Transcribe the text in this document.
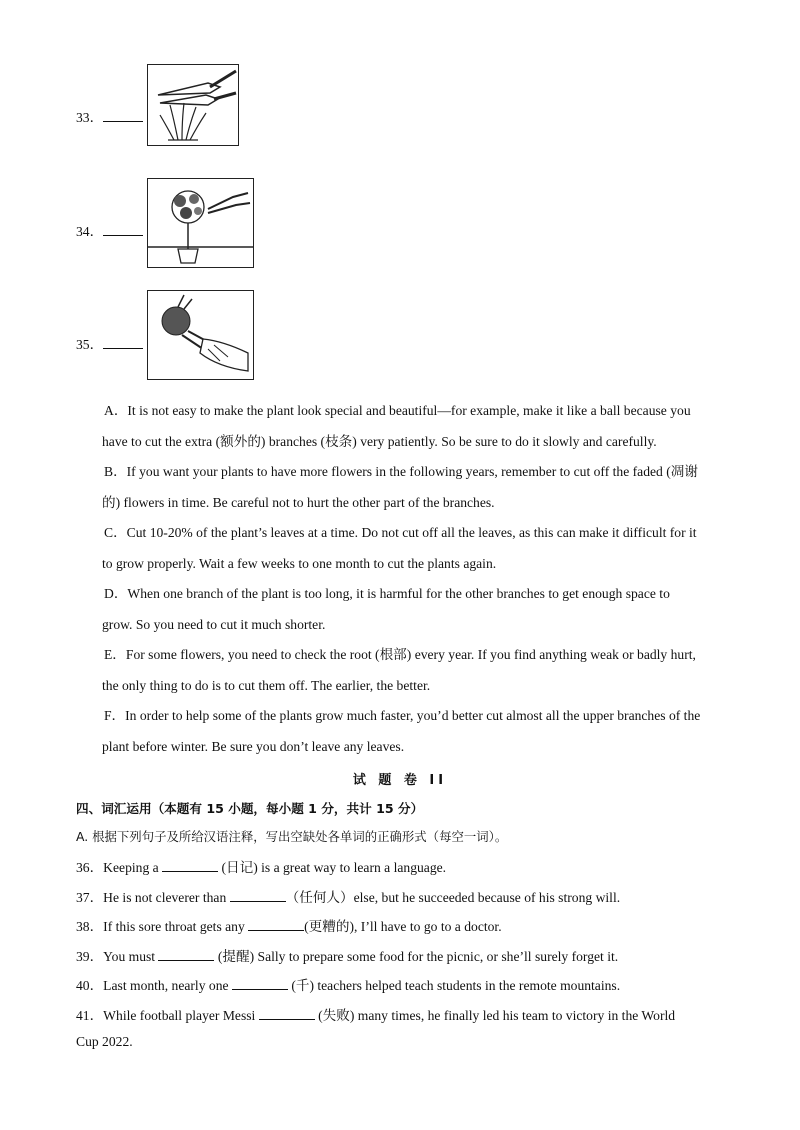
33．
34．
35．

A．It is not easy to make the plant look special and beautiful—for example, make it like a ball because you

have to cut the extra (额外的) branches (枝条) very patiently. So be sure to do it slowly and carefully.

B．If you want your plants to have more flowers in the following years, remember to cut off the faded (凋谢

的) flowers in time. Be careful not to hurt the other part of the branches.

C．Cut 10-20% of the plant’s leaves at a time. Do not cut off all the leaves, as this can make it difficult for it

to grow properly. Wait a few weeks to one month to cut the plants again.

D．When one branch of the plant is too long, it is harmful for the other branches to get enough space to

grow. So you need to cut it much shorter.

E．For some flowers, you need to check the root (根部) every year. If you find anything weak or badly hurt,

the only thing to do is to cut them off. The earlier, the better.

F．In order to help some of the plants grow much faster, you’d better cut almost all the upper branches of the

plant before winter. Be sure you don’t leave any leaves.

试 题 卷 II
四、词汇运用（本题有 15 小题，每小题 1 分，共计 15 分）
A. 根据下列句子及所给汉语注释，写出空缺处各单词的正确形式（每空一词）。
36．Keeping a	(日记) is a great way to learn a language.
37．He is not cleverer than	（任何人）else, but he succeeded because of his strong will.
38．If this sore throat gets any	(更糟的), I’ll have to go to a doctor.
39．You must	(提醒) Sally to prepare some food for the picnic, or she’ll surely forget it.
40．Last month, nearly one	(千) teachers helped teach students in the remote mountains.
41．While football player Messi	(失败) many times, he finally led his team to victory in the World
Cup 2022.
